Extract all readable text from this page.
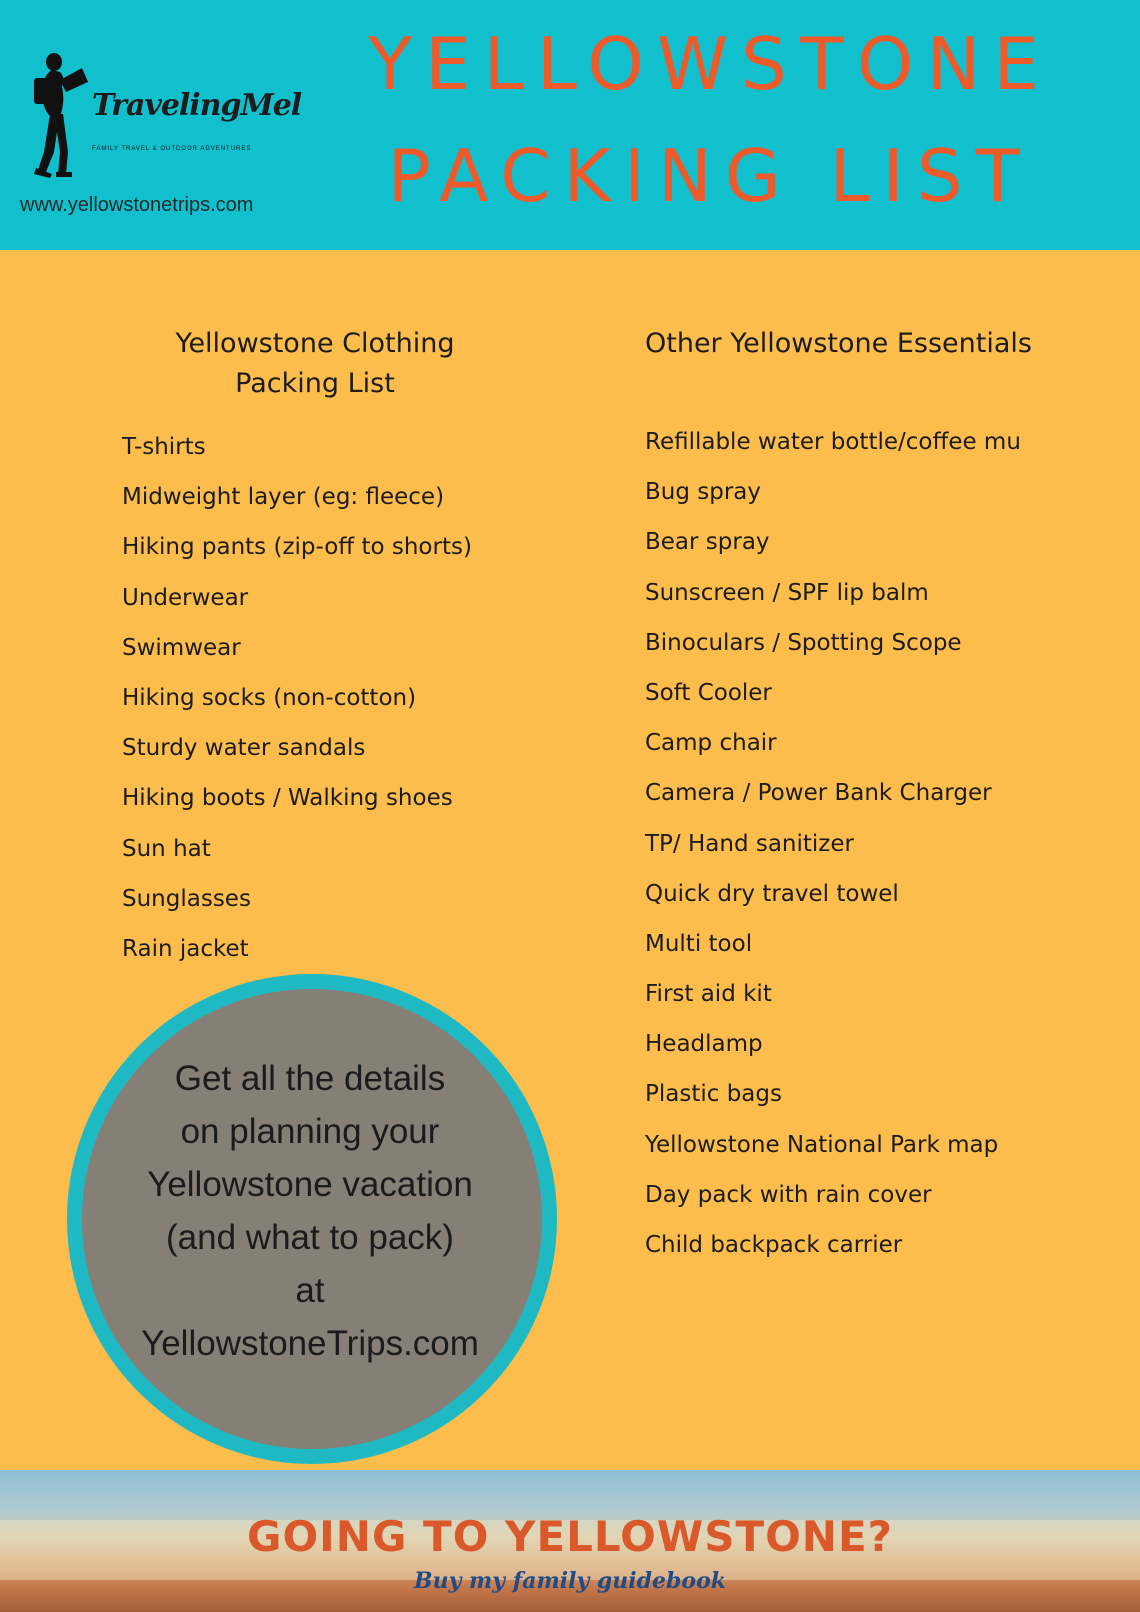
TravelingMel
FAMILY TRAVEL & OUTDOOR ADVENTURES
www.yellowstonetrips.com
YELLOWSTONE
PACKING LIST
Yellowstone Clothing
Packing List
T-shirts
Midweight layer (eg: fleece)
Hiking pants (zip-off to shorts)
Underwear
Swimwear
Hiking socks (non-cotton)
Sturdy water sandals
Hiking boots / Walking shoes
Sun hat
Sunglasses
Rain jacket
Other Yellowstone Essentials
Refillable water bottle/coffee mu
Bug spray
Bear spray
Sunscreen / SPF lip balm
Binoculars / Spotting Scope
Soft Cooler
Camp chair
Camera / Power Bank Charger
TP/ Hand sanitizer
Quick dry travel towel
Multi tool
First aid kit
Headlamp
Plastic bags
Yellowstone National Park map
Day pack with rain cover
Child backpack carrier
Get all the details
on planning your
Yellowstone vacation
(and what to pack)
at
YellowstoneTrips.com
GOING TO YELLOWSTONE?
Buy my family guidebook
